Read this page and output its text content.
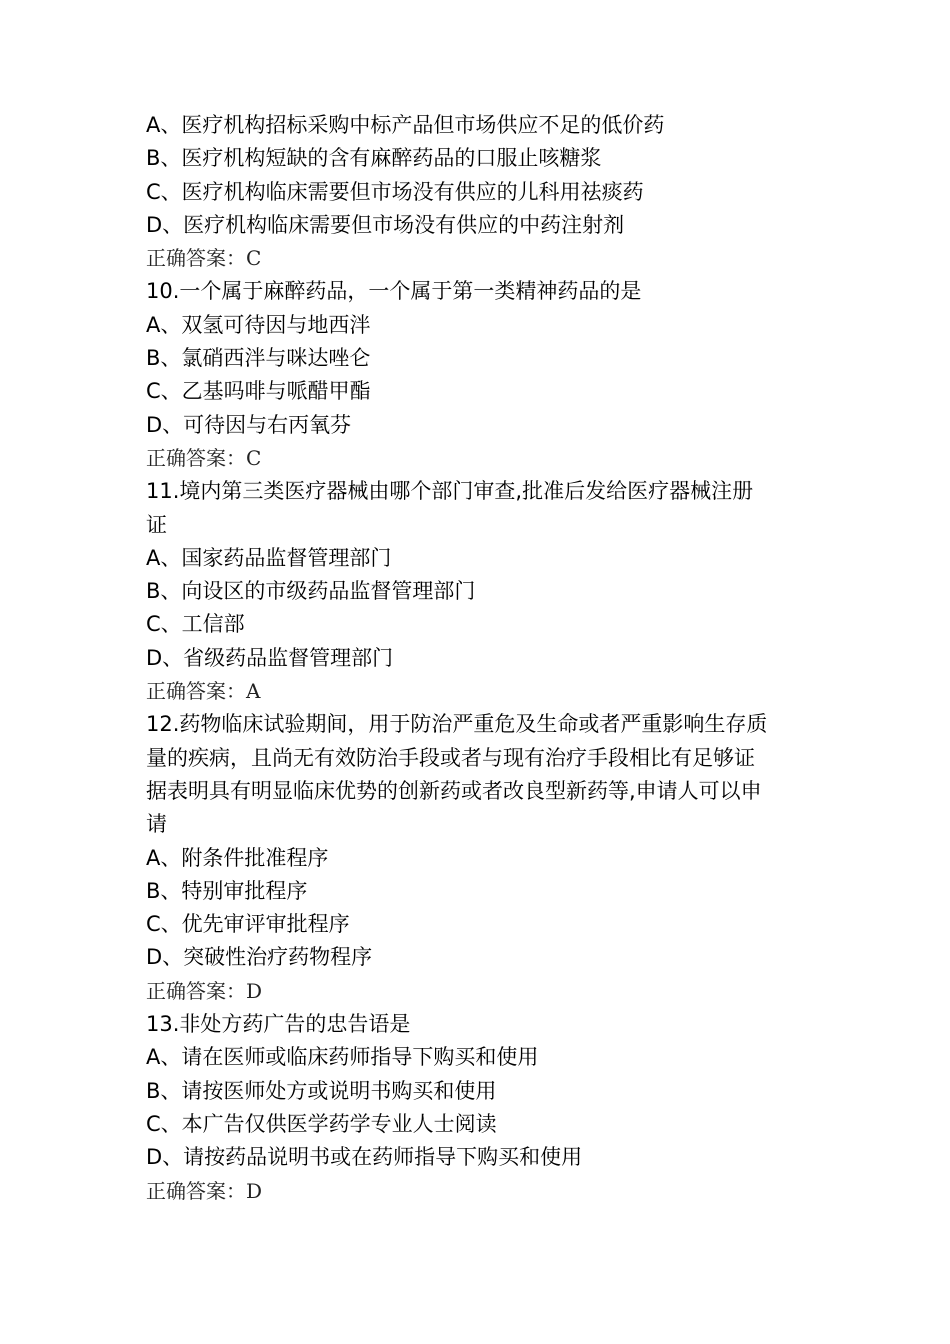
A、医疗机构招标采购中标产品但市场供应不足的低价药
B、医疗机构短缺的含有麻醉药品的口服止咳糖浆
C、医疗机构临床需要但市场没有供应的儿科用祛痰药
D、医疗机构临床需要但市场没有供应的中药注射剂
正确答案：C
10.一个属于麻醉药品，一个属于第一类精神药品的是
A、双氢可待因与地西泮
B、氯硝西泮与咪达唑仑
C、乙基吗啡与哌醋甲酯
D、可待因与右丙氧芬
正确答案：C
11.境内第三类医疗器械由哪个部门审查,批准后发给医疗器械注册
证
A、国家药品监督管理部门
B、向设区的市级药品监督管理部门
C、工信部
D、省级药品监督管理部门
正确答案：A
12.药物临床试验期间，用于防治严重危及生命或者严重影响生存质
量的疾病，且尚无有效防治手段或者与现有治疗手段相比有足够证
据表明具有明显临床优势的创新药或者改良型新药等,申请人可以申
请
A、附条件批准程序
B、特别审批程序
C、优先审评审批程序
D、突破性治疗药物程序
正确答案：D
13.非处方药广告的忠告语是
A、请在医师或临床药师指导下购买和使用
B、请按医师处方或说明书购买和使用
C、本广告仅供医学药学专业人士阅读
D、请按药品说明书或在药师指导下购买和使用
正确答案：D
